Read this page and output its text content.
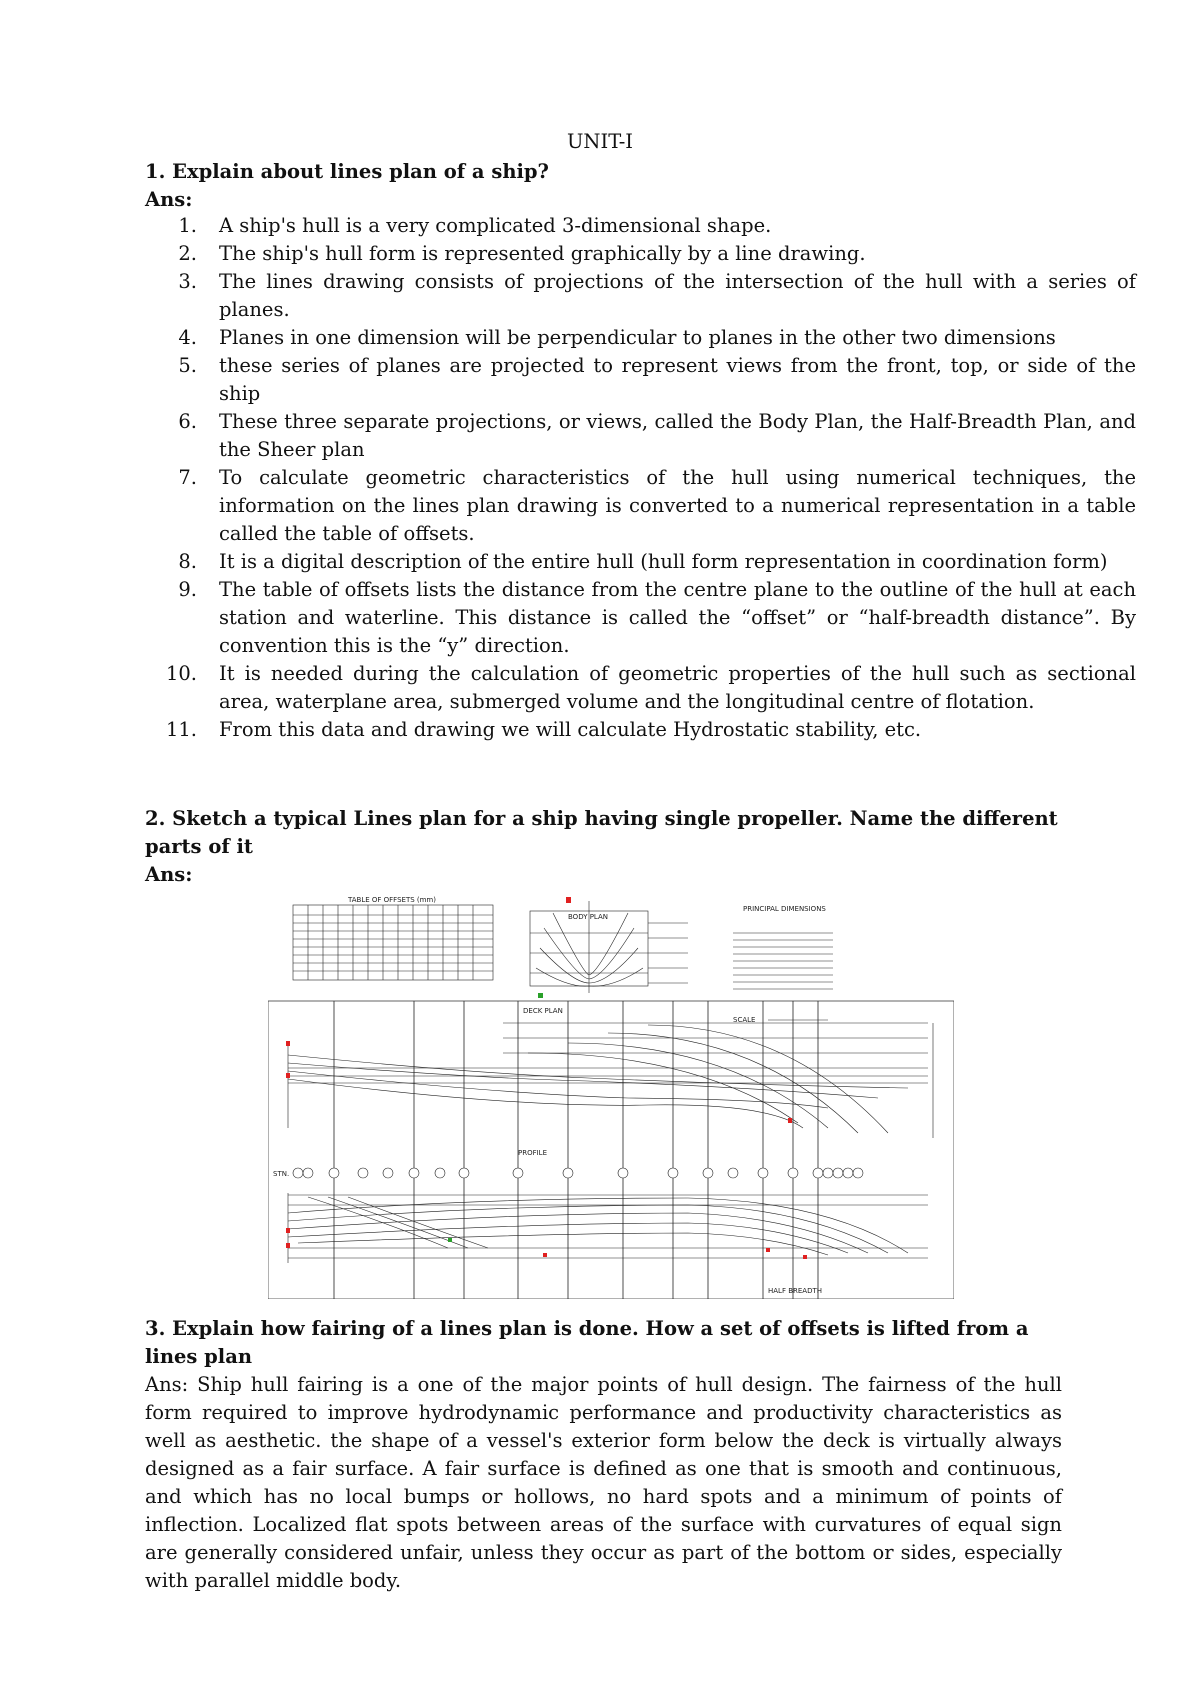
UNIT-I
1. Explain about lines plan of a ship?
Ans:
1. A ship's hull is a very complicated 3-dimensional shape.
2. The ship's hull form is represented graphically by a line drawing.
3. The lines drawing consists of projections of the intersection of the hull with a series of planes.
4. Planes in one dimension will be perpendicular to planes in the other two dimensions
5. these series of planes are projected to represent views from the front, top, or side of the ship
6. These three separate projections, or views, called the Body Plan, the Half-Breadth Plan, and the Sheer plan
7. To calculate geometric characteristics of the hull using numerical techniques, the information on the lines plan drawing is converted to a numerical representation in a table called the table of offsets.
8. It is a digital description of the entire hull (hull form representation in coordination form)
9. The table of offsets lists the distance from the centre plane to the outline of the hull at each station and waterline. This distance is called the “offset” or “half-breadth distance”. By convention this is the “y” direction.
10. It is needed during the calculation of geometric properties of the hull such as sectional area, waterplane area, submerged volume and the longitudinal centre of flotation.
11. From this data and drawing we will calculate Hydrostatic stability, etc.
2. Sketch a typical Lines plan for a ship having single propeller. Name the different parts of it
Ans:
TABLE OF OFFSETS (mm)
BODY PLAN
PRINCIPAL DIMENSIONS
SCALE
DECK PLAN
PROFILE
STN.
HALF BREADTH
3. Explain how fairing of a lines plan is done. How a set of offsets is lifted from a lines plan
Ans: Ship hull fairing is a one of the major points of hull design. The fairness of the hull form required to improve hydrodynamic performance and productivity characteristics as well as aesthetic. the shape of a vessel's exterior form below the deck is virtually always designed as a fair surface. A fair surface is defined as one that is smooth and continuous, and which has no local bumps or hollows, no hard spots and a minimum of points of inflection. Localized flat spots between areas of the surface with curvatures of equal sign are generally considered unfair, unless they occur as part of the bottom or sides, especially with parallel middle body.
